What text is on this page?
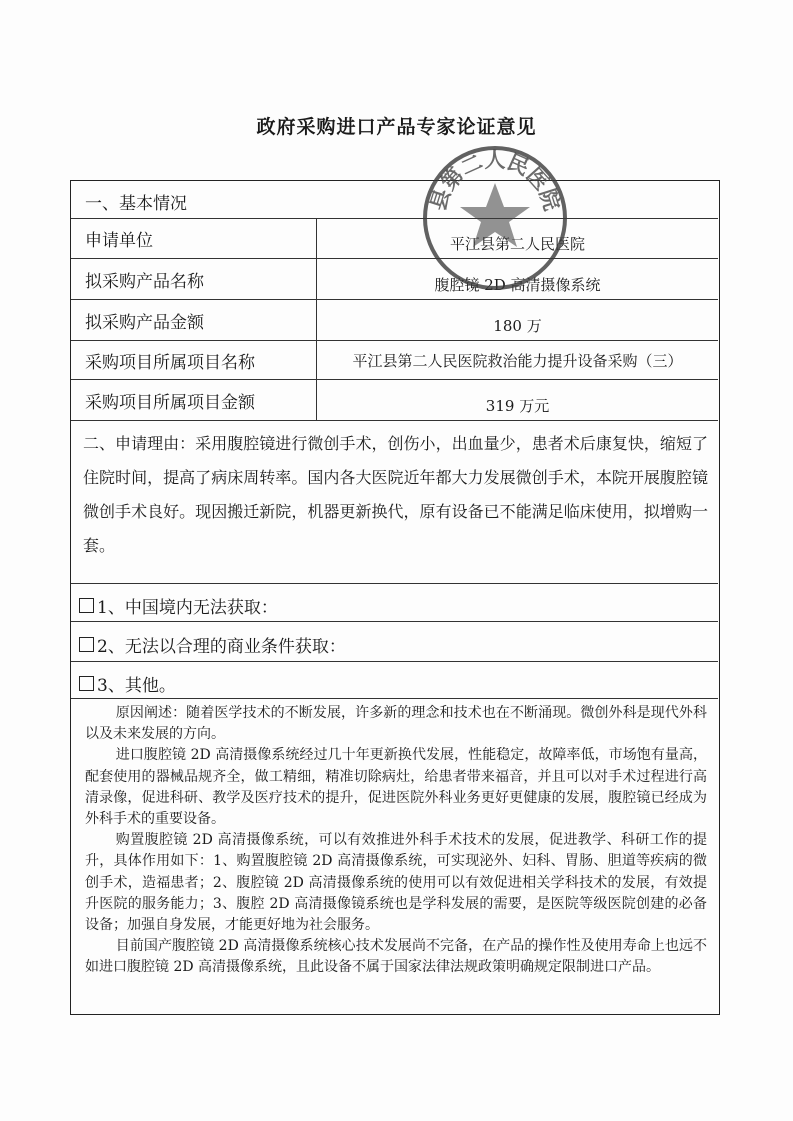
政府采购进口产品专家论证意见
一、基本情况
申请单位	平江县第二人民医院
拟采购产品名称	腹腔镜 2D 高清摄像系统
拟采购产品金额	180 万
采购项目所属项目名称	平江县第二人民医院救治能力提升设备采购（三）
采购项目所属项目金额	319 万元
二、申请理由：采用腹腔镜进行微创手术，创伤小，出血量少，患者术后康复快，缩短了住院时间，提高了病床周转率。国内各大医院近年都大力发展微创手术，本院开展腹腔镜微创手术良好。现因搬迁新院，机器更新换代，原有设备已不能满足临床使用，拟增购一套。
1、中国境内无法获取：
2、无法以合理的商业条件获取：
3、其他。

原因阐述：随着医学技术的不断发展，许多新的理念和技术也在不断涌现。微创外科是现代外科以及未来发展的方向。

进口腹腔镜 2D 高清摄像系统经过几十年更新换代发展，性能稳定，故障率低，市场饱有量高，配套使用的器械品规齐全，做工精细，精准切除病灶，给患者带来福音，并且可以对手术过程进行高清录像，促进科研、教学及医疗技术的提升，促进医院外科业务更好更健康的发展，腹腔镜已经成为外科手术的重要设备。

购置腹腔镜 2D 高清摄像系统，可以有效推进外科手术技术的发展，促进教学、科研工作的提升，具体作用如下：1、购置腹腔镜 2D 高清摄像系统，可实现泌外、妇科、胃肠、胆道等疾病的微创手术，造福患者；2、腹腔镜 2D 高清摄像系统的使用可以有效促进相关学科技术的发展，有效提升医院的服务能力；3、腹腔 2D 高清摄像镜系统也是学科发展的需要，是医院等级医院创建的必备设备；加强自身发展，才能更好地为社会服务。

目前国产腹腔镜 2D 高清摄像系统核心技术发展尚不完备，在产品的操作性及使用寿命上也远不如进口腹腔镜 2D 高清摄像系统，且此设备不属于国家法律法规政策明确规定限制进口产品。

县第二人民医院
